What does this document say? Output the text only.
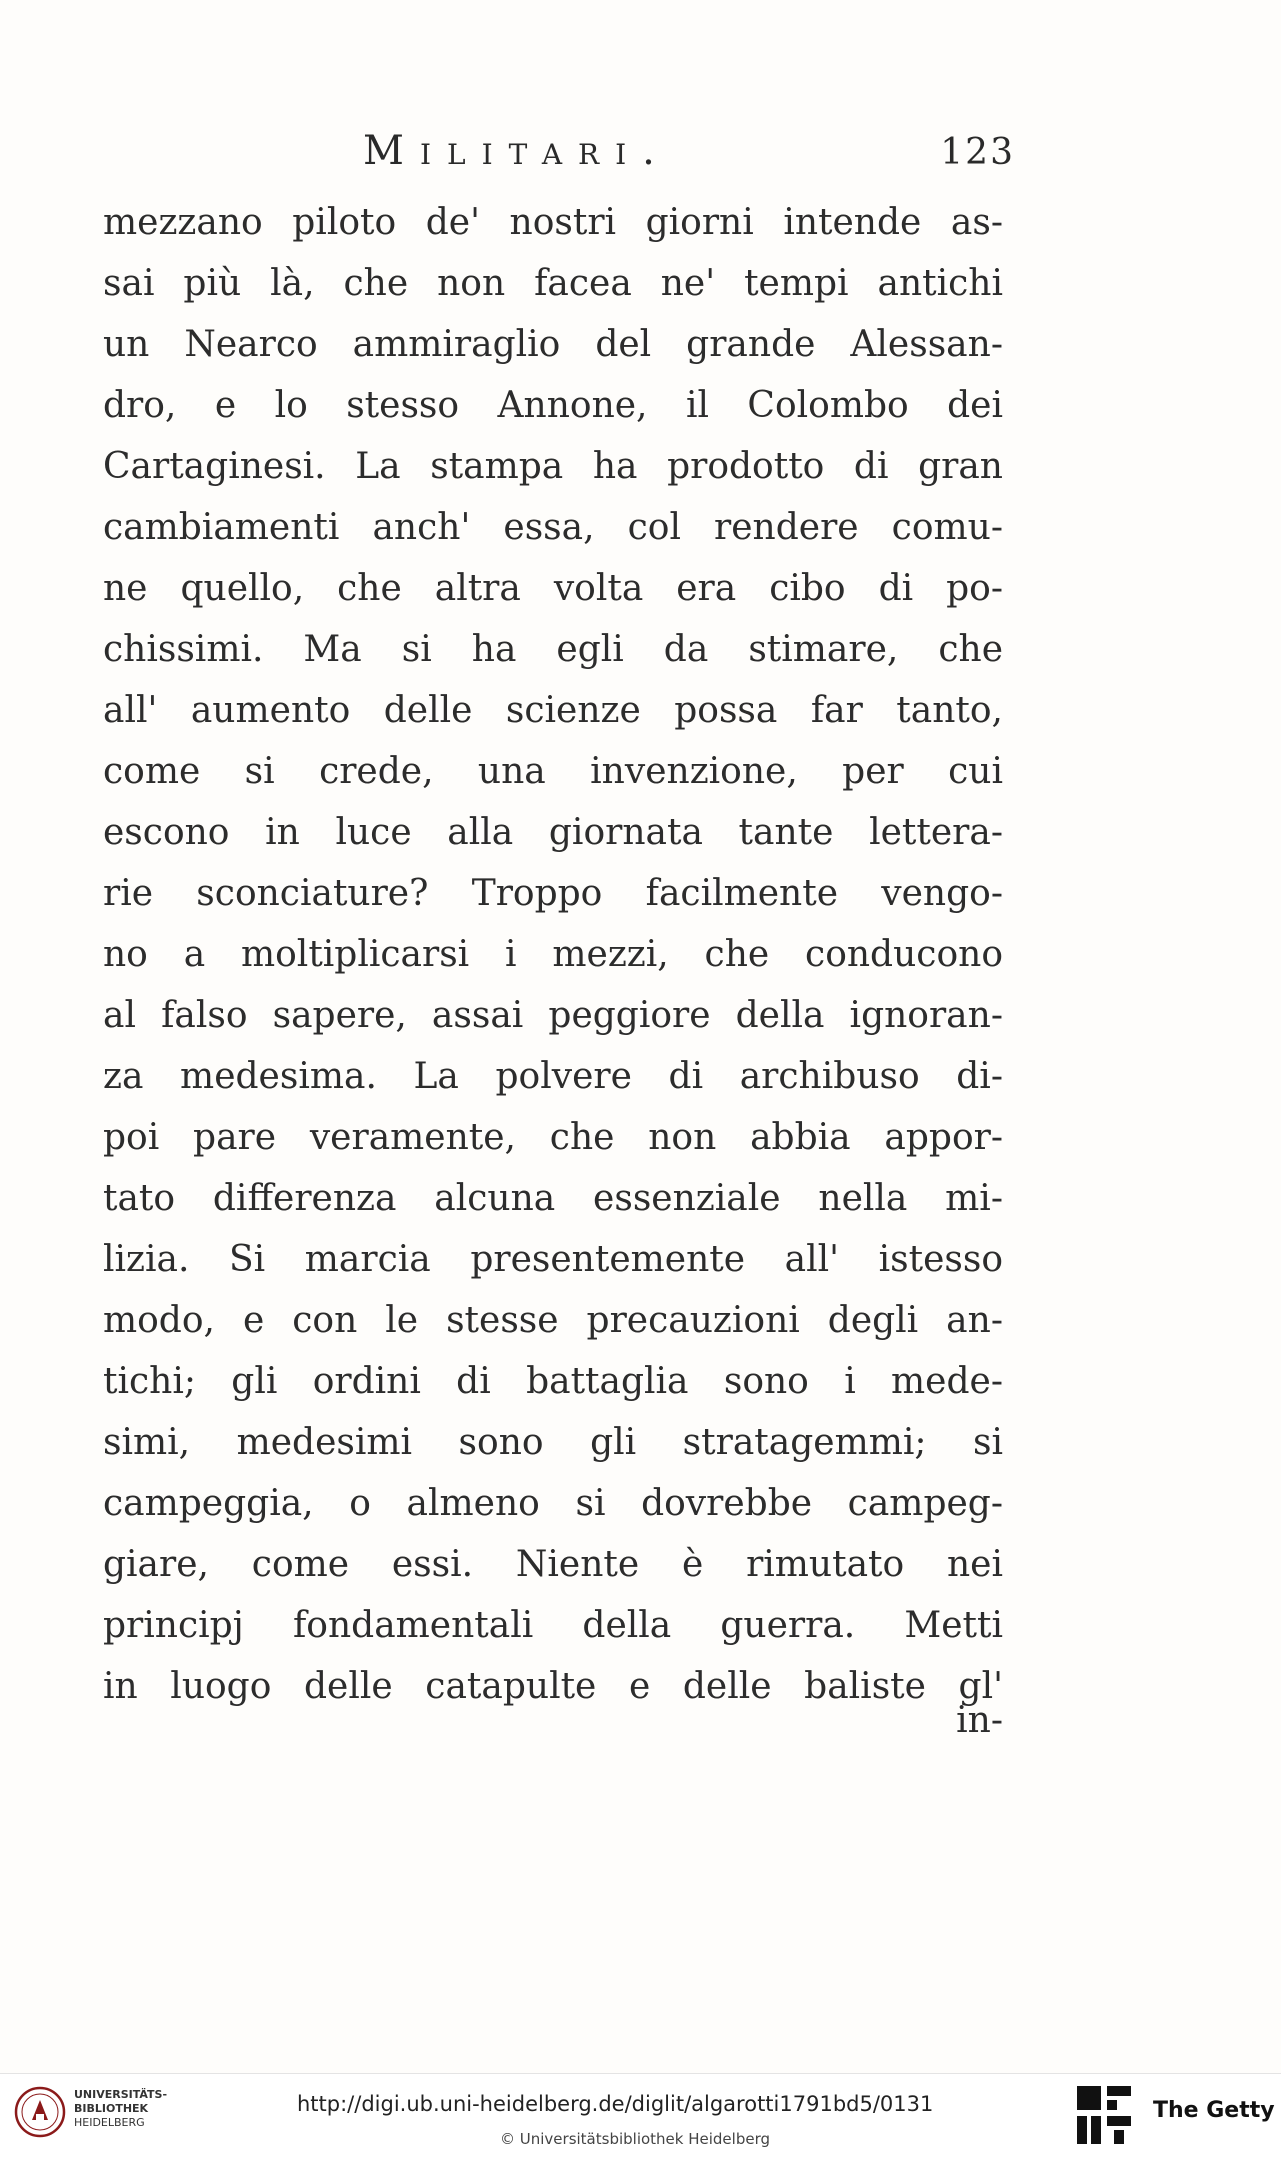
Militari.	123
mezzano piloto de' nostri giorni intende as-
sai più là, che non facea ne' tempi antichi
un Nearco ammiraglio del grande Alessan-
dro, e lo stesso Annone, il Colombo dei
Cartaginesi. La stampa ha prodotto di gran
cambiamenti anch' essa, col rendere comu-
ne quello, che altra volta era cibo di po-
chissimi. Ma si ha egli da stimare, che
all' aumento delle scienze possa far tanto,
come si crede, una invenzione, per cui
escono in luce alla giornata tante lettera-
rie sconciature? Troppo facilmente vengo-
no a moltiplicarsi i mezzi, che conducono
al falso sapere, assai peggiore della ignoran-
za medesima. La polvere di archibuso di-
poi pare veramente, che non abbia appor-
tato differenza alcuna essenziale nella mi-
lizia. Si marcia presentemente all' istesso
modo, e con le stesse precauzioni degli an-
tichi; gli ordini di battaglia sono i mede-
simi, medesimi sono gli stratagemmi; si
campeggia, o almeno si dovrebbe campeg-
giare, come essi. Niente è rimutato nei
principj fondamentali della guerra. Metti
in luogo delle catapulte e delle baliste gl'
in-
UNIVERSITÄTS-
BIBLIOTHEK
HEIDELBERG
http://digi.ub.uni-heidelberg.de/diglit/algarotti1791bd5/0131
© Universitätsbibliothek Heidelberg
The Getty
